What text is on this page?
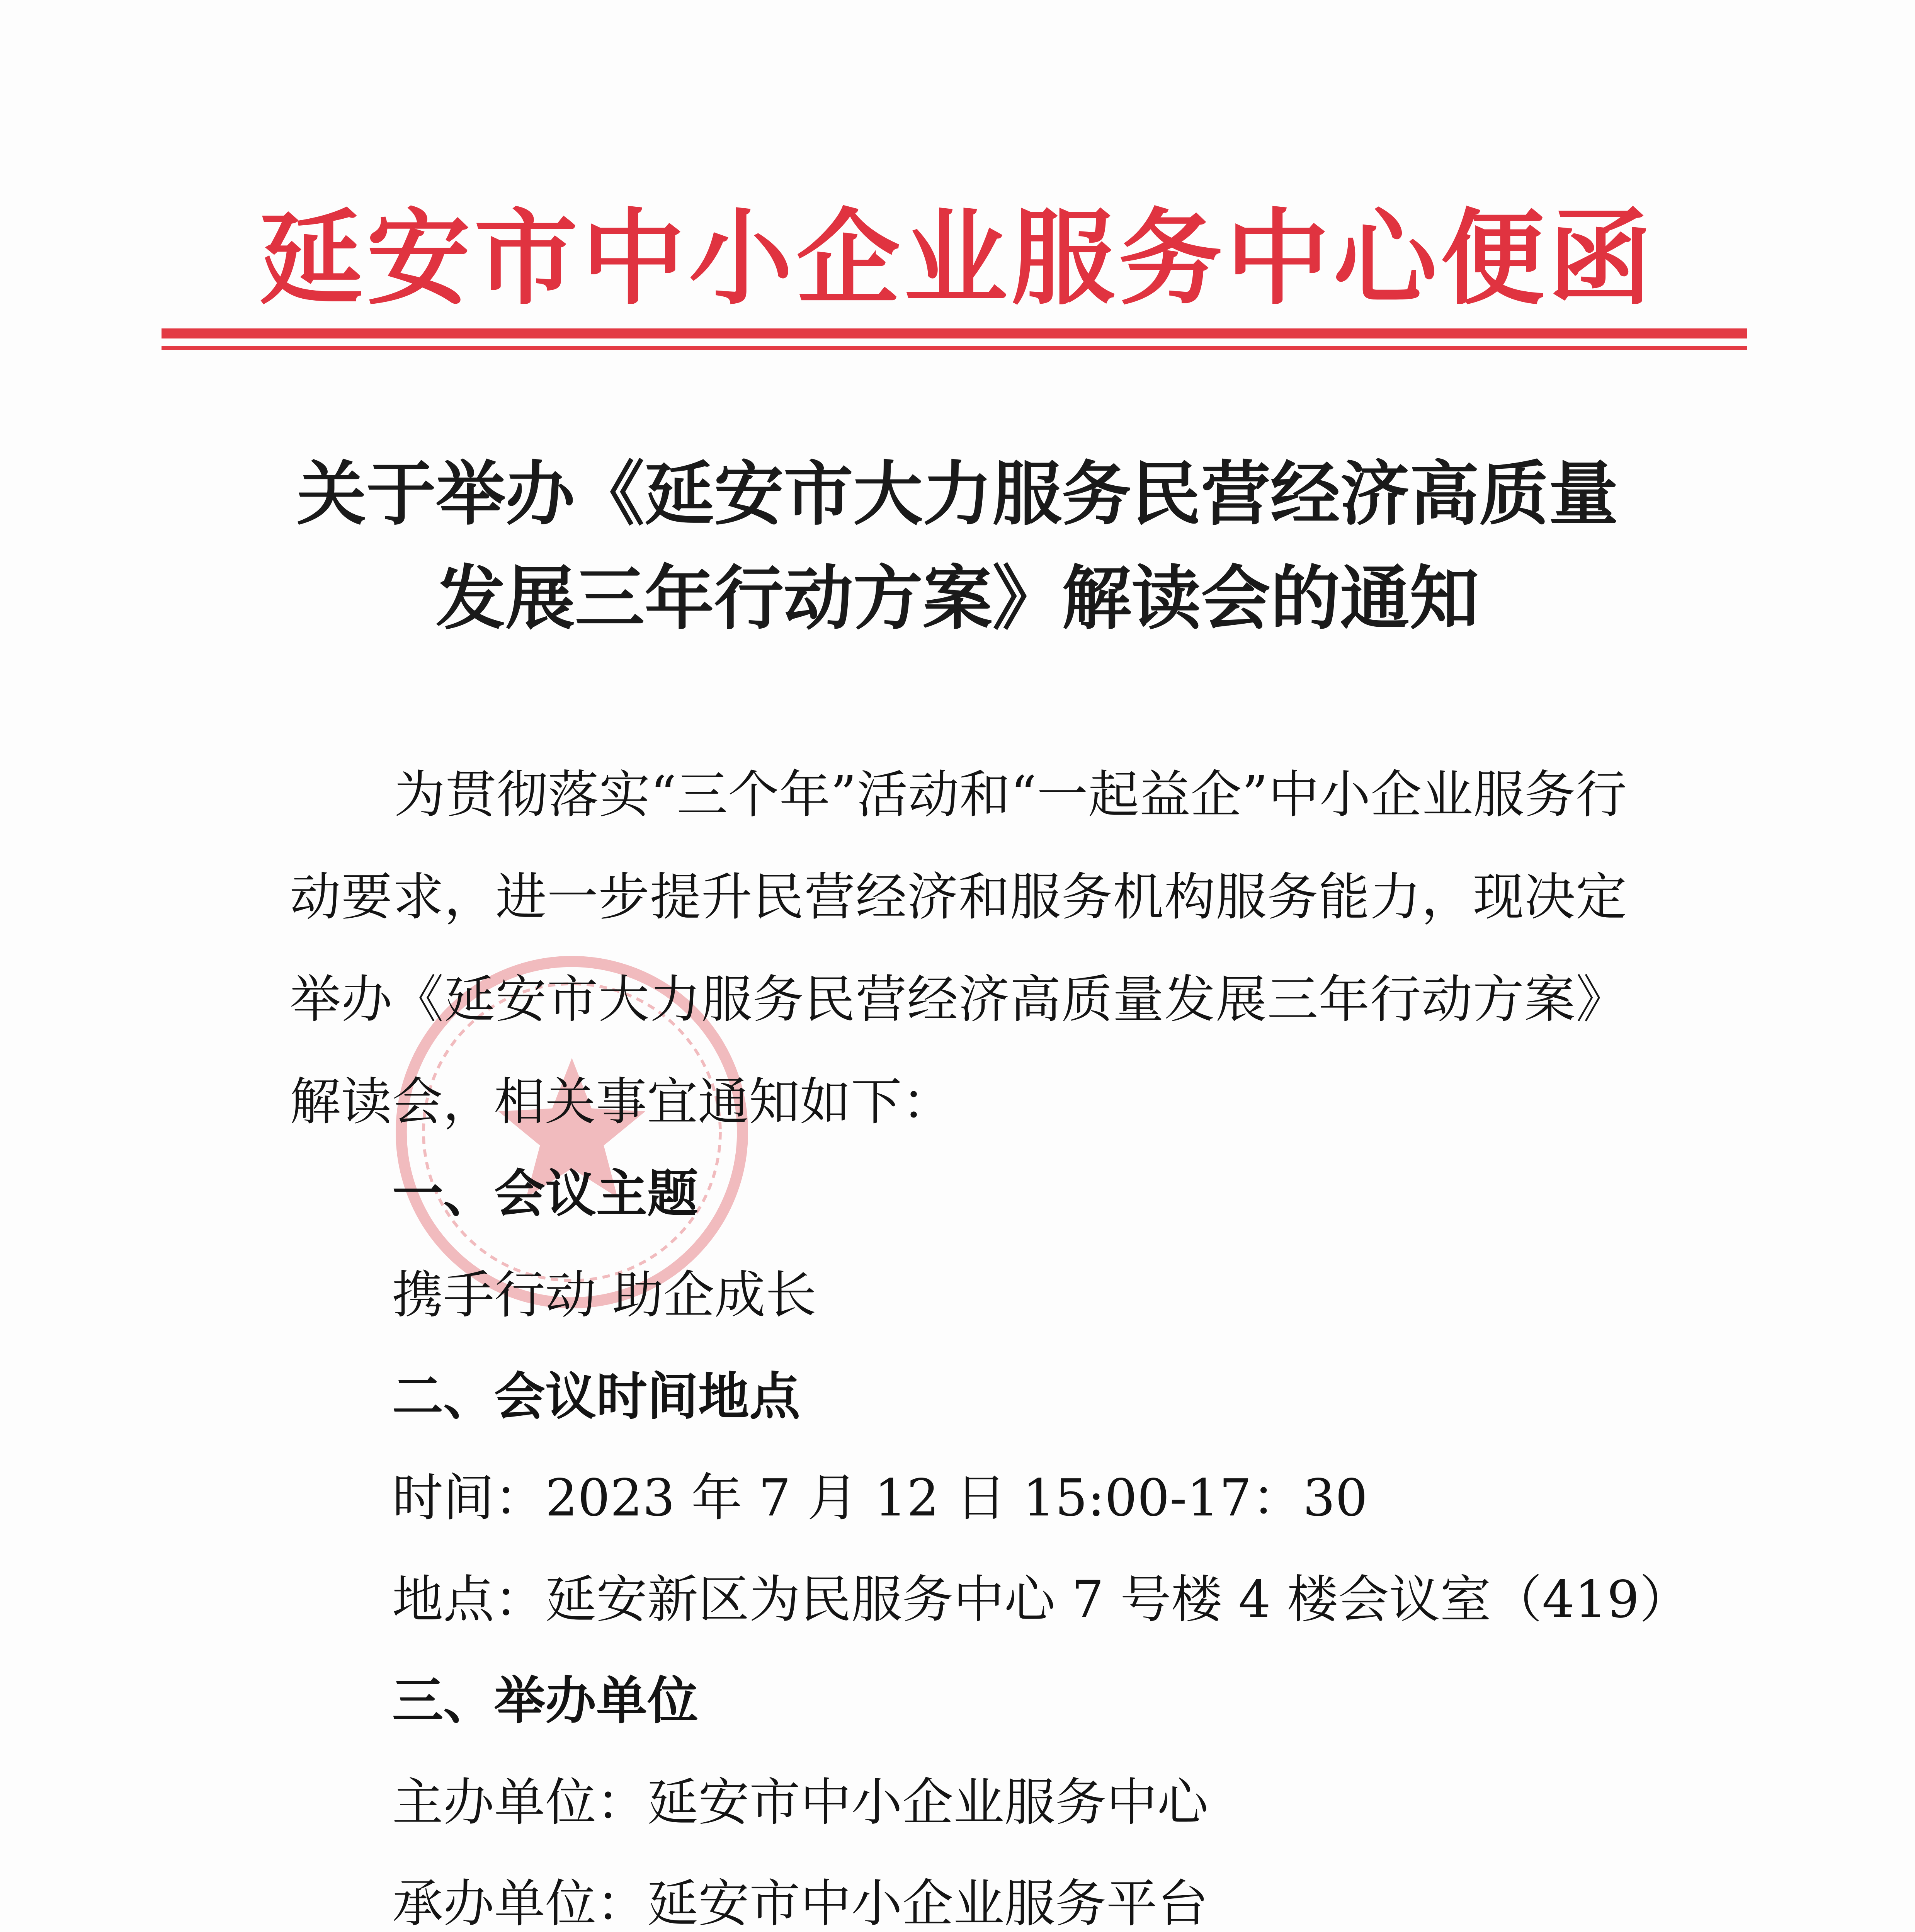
延安市中小企业服务中心便函
关于举办《延安市大力服务民营经济高质量
发展三年行动方案》解读会的通知
为贯彻落实“三个年”活动和“一起益企”中小企业服务行动要求，进一步提升民营经济和服务机构服务能力，现决定举办《延安市大力服务民营经济高质量发展三年行动方案》解读会，相关事宜通知如下：
一、会议主题
携手行动 助企成长
二、会议时间地点
时间：2023 年 7 月 12 日 15:00-17：30
地点：延安新区为民服务中心 7 号楼 4 楼会议室（419）
三、举办单位
主办单位：延安市中小企业服务中心
承办单位：延安市中小企业服务平台
